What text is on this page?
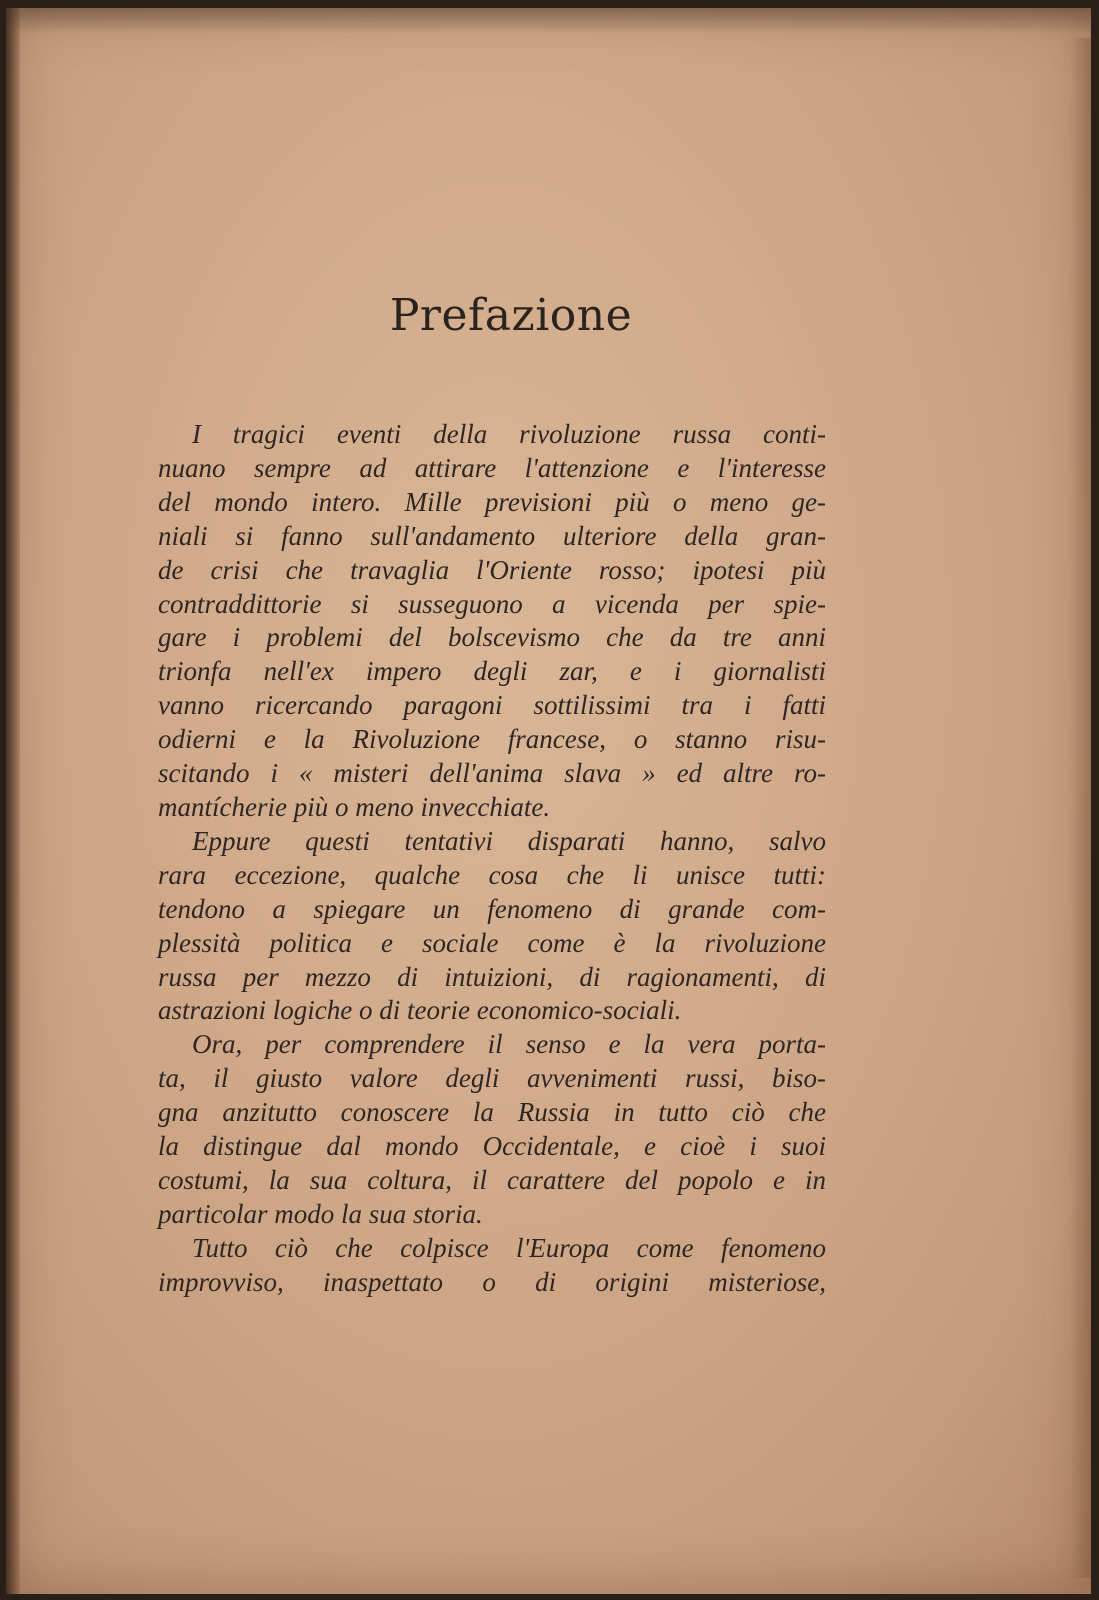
Prefazione
I tragici eventi della rivoluzione russa conti-
nuano sempre ad attirare l'attenzione e l'interesse
del mondo intero. Mille previsioni più o meno ge-
niali si fanno sull'andamento ulteriore della gran-
de crisi che travaglia l'Oriente rosso; ipotesi più
contraddittorie si susseguono a vicenda per spie-
gare i problemi del bolscevismo che da tre anni
trionfa nell'ex impero degli zar, e i giornalisti
vanno ricercando paragoni sottilissimi tra i fatti
odierni e la Rivoluzione francese, o stanno risu-
scitando i « misteri dell'anima slava » ed altre ro-
mantícherie più o meno invecchiate.
Eppure questi tentativi disparati hanno, salvo
rara eccezione, qualche cosa che li unisce tutti:
tendono a spiegare un fenomeno di grande com-
plessità politica e sociale come è la rivoluzione
russa per mezzo di intuizioni, di ragionamenti, di
astrazioni logiche o di teorie economico-sociali.
Ora, per comprendere il senso e la vera porta-
ta, il giusto valore degli avvenimenti russi, biso-
gna anzitutto conoscere la Russia in tutto ciò che
la distingue dal mondo Occidentale, e cioè i suoi
costumi, la sua coltura, il carattere del popolo e in
particolar modo la sua storia.
Tutto ciò che colpisce l'Europa come fenomeno
improvviso, inaspettato o di origini misteriose,
